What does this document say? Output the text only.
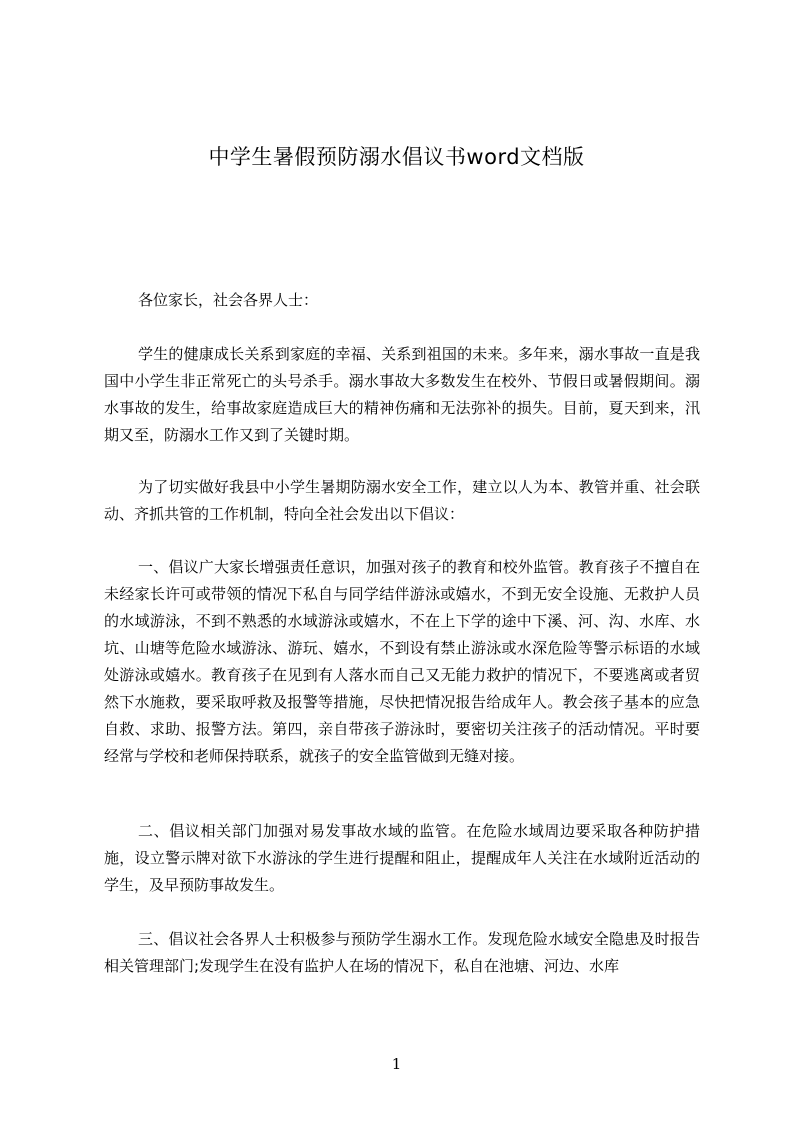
中学生暑假预防溺水倡议书word文档版
各位家长，社会各界人士：
学生的健康成长关系到家庭的幸福、关系到祖国的未来。多年来，溺水事故一直是我国中小学生非正常死亡的头号杀手。溺水事故大多数发生在校外、节假日或暑假期间。溺水事故的发生，给事故家庭造成巨大的精神伤痛和无法弥补的损失。目前，夏天到来，汛期又至，防溺水工作又到了关键时期。
为了切实做好我县中小学生暑期防溺水安全工作，建立以人为本、教管并重、社会联动、齐抓共管的工作机制，特向全社会发出以下倡议：
一、倡议广大家长增强责任意识，加强对孩子的教育和校外监管。教育孩子不擅自在未经家长许可或带领的情况下私自与同学结伴游泳或嬉水，不到无安全设施、无救护人员的水域游泳，不到不熟悉的水域游泳或嬉水，不在上下学的途中下溪、河、沟、水库、水坑、山塘等危险水域游泳、游玩、嬉水，不到设有禁止游泳或水深危险等警示标语的水域处游泳或嬉水。教育孩子在见到有人落水而自己又无能力救护的情况下，不要逃离或者贸然下水施救，要采取呼救及报警等措施，尽快把情况报告给成年人。教会孩子基本的应急自救、求助、报警方法。第四，亲自带孩子游泳时，要密切关注孩子的活动情况。平时要经常与学校和老师保持联系，就孩子的安全监管做到无缝对接。
二、倡议相关部门加强对易发事故水域的监管。在危险水域周边要采取各种防护措施，设立警示牌对欲下水游泳的学生进行提醒和阻止，提醒成年人关注在水域附近活动的学生，及早预防事故发生。
三、倡议社会各界人士积极参与预防学生溺水工作。发现危险水域安全隐患及时报告相关管理部门;发现学生在没有监护人在场的情况下，私自在池塘、河边、水库
1
